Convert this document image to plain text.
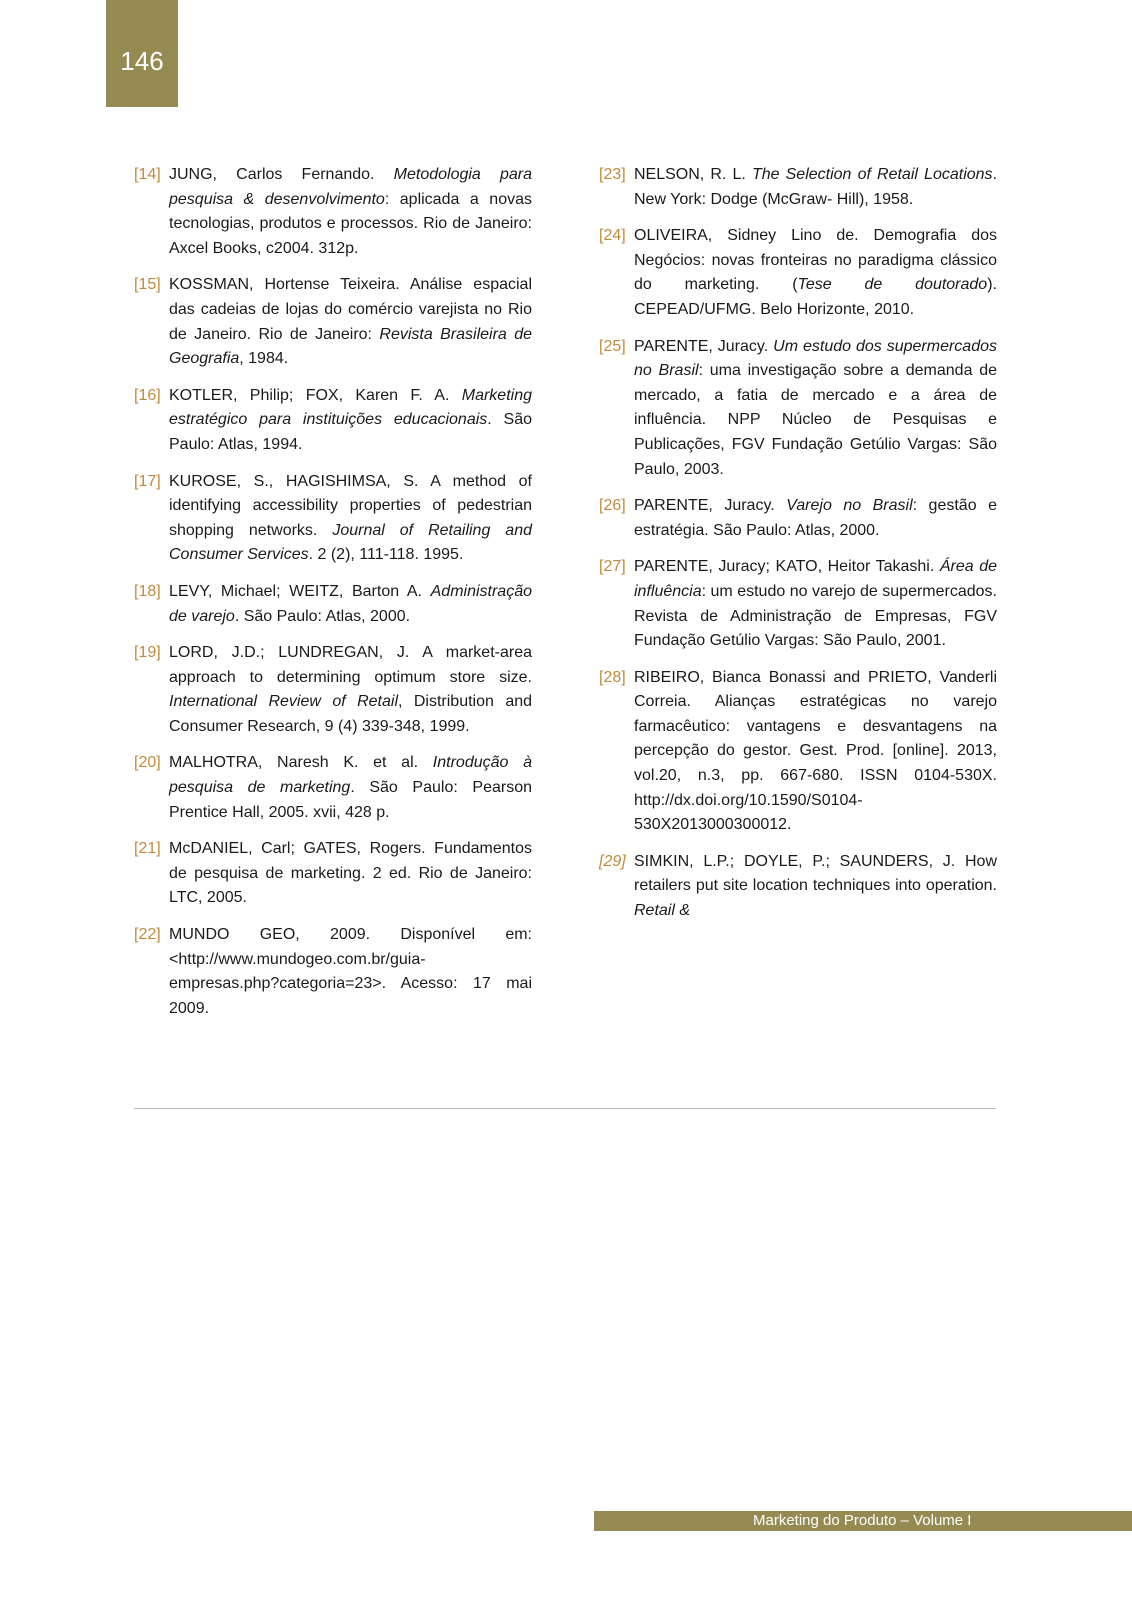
146
[14] JUNG, Carlos Fernando. Metodologia para pesquisa & desenvolvimento: aplicada a novas tecnologias, produtos e processos. Rio de Janeiro: Axcel Books, c2004. 312p.
[15] KOSSMAN, Hortense Teixeira. Análise espacial das cadeias de lojas do comércio varejista no Rio de Janeiro. Rio de Janeiro: Revista Brasileira de Geografia, 1984.
[16] KOTLER, Philip; FOX, Karen F. A. Marketing estratégico para instituições educacionais. São Paulo: Atlas, 1994.
[17] KUROSE, S., HAGISHIMSA, S. A method of identifying accessibility properties of pedestrian shopping networks. Journal of Retailing and Consumer Services. 2 (2), 111-118. 1995.
[18] LEVY, Michael; WEITZ, Barton A. Administração de varejo. São Paulo: Atlas, 2000.
[19] LORD, J.D.; LUNDREGAN, J. A market-area approach to determining optimum store size. International Review of Retail, Distribution and Consumer Research, 9 (4) 339-348, 1999.
[20] MALHOTRA, Naresh K. et al. Introdução à pesquisa de marketing. São Paulo: Pearson Prentice Hall, 2005. xvii, 428 p.
[21] McDANIEL, Carl; GATES, Rogers. Fundamentos de pesquisa de marketing. 2 ed. Rio de Janeiro: LTC, 2005.
[22] MUNDO GEO, 2009. Disponível em: <http://www.mundogeo.com.br/guia-empresas.php?categoria=23>. Acesso: 17 mai 2009.
[23] NELSON, R. L. The Selection of Retail Locations. New York: Dodge (McGraw- Hill), 1958.
[24] OLIVEIRA, Sidney Lino de. Demografia dos Negócios: novas fronteiras no paradigma clássico do marketing. (Tese de doutorado). CEPEAD/UFMG. Belo Horizonte, 2010.
[25] PARENTE, Juracy. Um estudo dos supermercados no Brasil: uma investigação sobre a demanda de mercado, a fatia de mercado e a área de influência. NPP Núcleo de Pesquisas e Publicações, FGV Fundação Getúlio Vargas: São Paulo, 2003.
[26] PARENTE, Juracy. Varejo no Brasil: gestão e estratégia. São Paulo: Atlas, 2000.
[27] PARENTE, Juracy; KATO, Heitor Takashi. Área de influência: um estudo no varejo de supermercados. Revista de Administração de Empresas, FGV Fundação Getúlio Vargas: São Paulo, 2001.
[28] RIBEIRO, Bianca Bonassi and PRIETO, Vanderli Correia. Alianças estratégicas no varejo farmacêutico: vantagens e desvantagens na percepção do gestor. Gest. Prod. [online]. 2013, vol.20, n.3, pp. 667-680. ISSN 0104-530X. http://dx.doi.org/10.1590/S0104-530X2013000300012.
[29] SIMKIN, L.P.; DOYLE, P.; SAUNDERS, J. How retailers put site location techniques into operation. Retail &
Marketing do Produto – Volume I
